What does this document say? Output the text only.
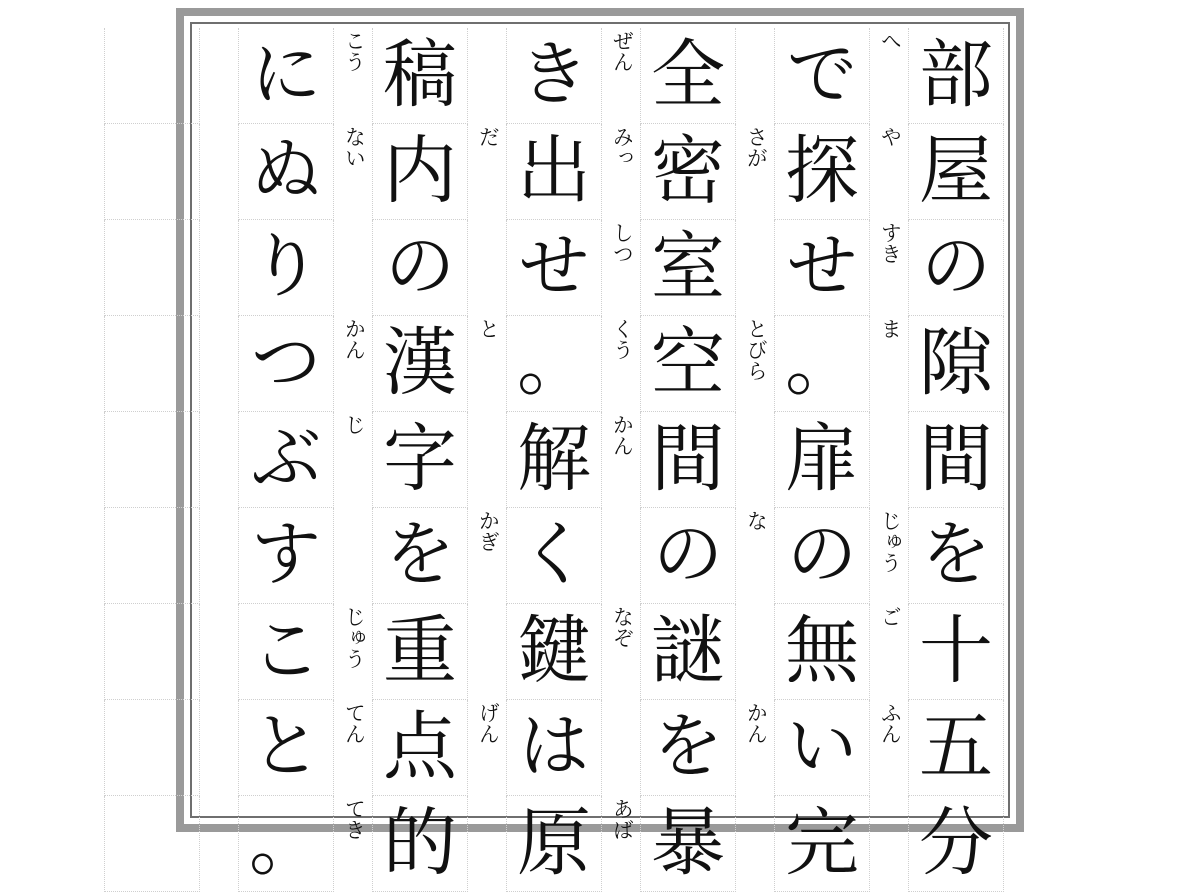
部
屋
の
隙
間
を
十
五
分
へ
や
すき
ま
じゅう
ご
ふん
で
探
せ
。
扉
の
無
い
完
さが
とびら
な
かん
全
密
室
空
間
の
謎
を
暴
ぜん
みっ
しつ
くう
かん
なぞ
あば
き
出
せ
。
解
く
鍵
は
原
だ
と
かぎ
げん
稿
内
の
漢
字
を
重
点
的
こう
ない
かん
じ
じゅう
てん
てき
に
ぬ
り
つ
ぶ
す
こ
と
。
